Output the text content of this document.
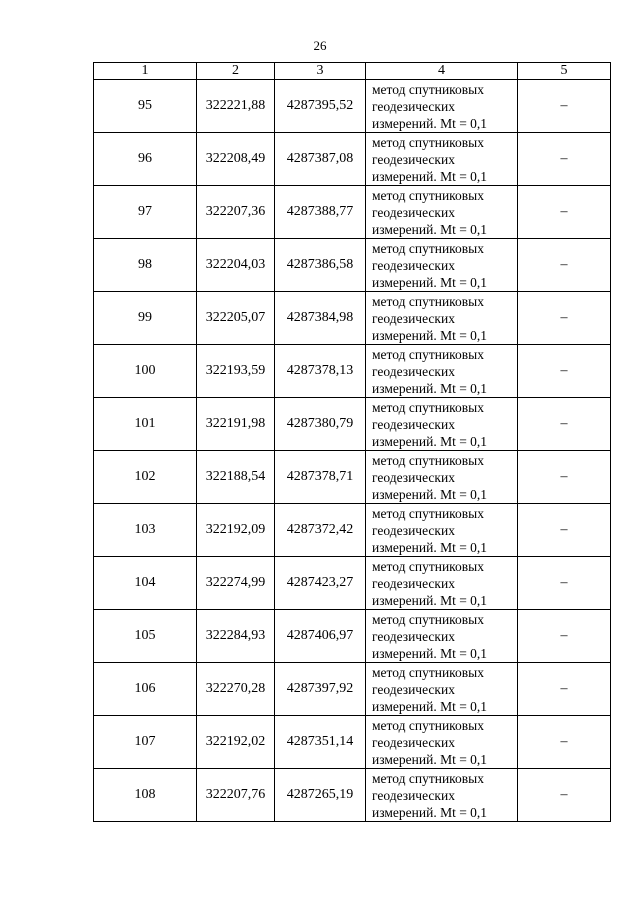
26
1	2	3	4	5
95	322221,88	4287395,52	метод спутниковых
геодезических
измерений. Mt = 0,1	–
96	322208,49	4287387,08	метод спутниковых
геодезических
измерений. Mt = 0,1	–
97	322207,36	4287388,77	метод спутниковых
геодезических
измерений. Mt = 0,1	–
98	322204,03	4287386,58	метод спутниковых
геодезических
измерений. Mt = 0,1	–
99	322205,07	4287384,98	метод спутниковых
геодезических
измерений. Mt = 0,1	–
100	322193,59	4287378,13	метод спутниковых
геодезических
измерений. Mt = 0,1	–
101	322191,98	4287380,79	метод спутниковых
геодезических
измерений. Mt = 0,1	–
102	322188,54	4287378,71	метод спутниковых
геодезических
измерений. Mt = 0,1	–
103	322192,09	4287372,42	метод спутниковых
геодезических
измерений. Mt = 0,1	–
104	322274,99	4287423,27	метод спутниковых
геодезических
измерений. Mt = 0,1	–
105	322284,93	4287406,97	метод спутниковых
геодезических
измерений. Mt = 0,1	–
106	322270,28	4287397,92	метод спутниковых
геодезических
измерений. Mt = 0,1	–
107	322192,02	4287351,14	метод спутниковых
геодезических
измерений. Mt = 0,1	–
108	322207,76	4287265,19	метод спутниковых
геодезических
измерений. Mt = 0,1	–
